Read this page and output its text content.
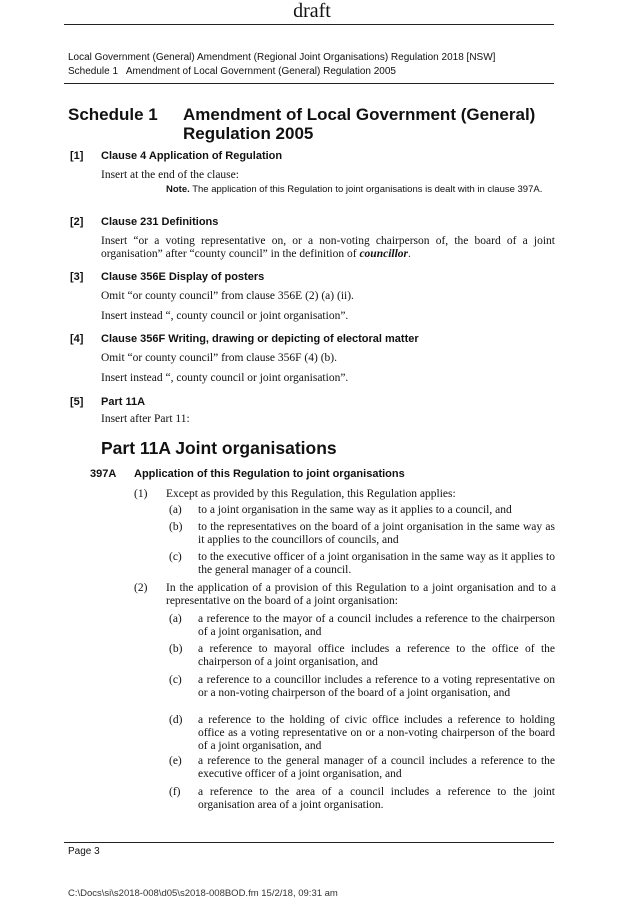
draft
Local Government (General) Amendment (Regional Joint Organisations) Regulation 2018 [NSW]
Schedule 1   Amendment of Local Government (General) Regulation 2005
Schedule 1 Amendment of Local Government (General)
Regulation 2005
[1] Clause 4 Application of Regulation
Insert at the end of the clause:
Note. The application of this Regulation to joint organisations is dealt with in clause 397A.
[2] Clause 231 Definitions
Insert “or a voting representative on, or a non-voting chairperson of, the board of a joint organisation” after “county council” in the definition of councillor.
[3] Clause 356E Display of posters
Omit “or county council” from clause 356E (2) (a) (ii).
Insert instead “, county council or joint organisation”.
[4] Clause 356F Writing, drawing or depicting of electoral matter
Omit “or county council” from clause 356F (4) (b).
Insert instead “, county council or joint organisation”.
[5] Part 11A
Insert after Part 11:
Part 11A Joint organisations
397A Application of this Regulation to joint organisations
(1) Except as provided by this Regulation, this Regulation applies:
(a) to a joint organisation in the same way as it applies to a council, and
(b) to the representatives on the board of a joint organisation in the same way as it applies to the councillors of councils, and
(c) to the executive officer of a joint organisation in the same way as it applies to the general manager of a council.
(2) In the application of a provision of this Regulation to a joint organisation and to a representative on the board of a joint organisation:
(a) a reference to the mayor of a council includes a reference to the chairperson of a joint organisation, and
(b) a reference to mayoral office includes a reference to the office of the chairperson of a joint organisation, and
(c) a reference to a councillor includes a reference to a voting representative on or a non-voting chairperson of the board of a joint organisation, and
(d) a reference to the holding of civic office includes a reference to holding office as a voting representative on or a non-voting chairperson of the board of a joint organisation, and
(e) a reference to the general manager of a council includes a reference to the executive officer of a joint organisation, and
(f) a reference to the area of a council includes a reference to the joint organisation area of a joint organisation.
Page 3
C:\Docs\si\s2018-008\d05\s2018-008BOD.fm 15/2/18, 09:31 am
